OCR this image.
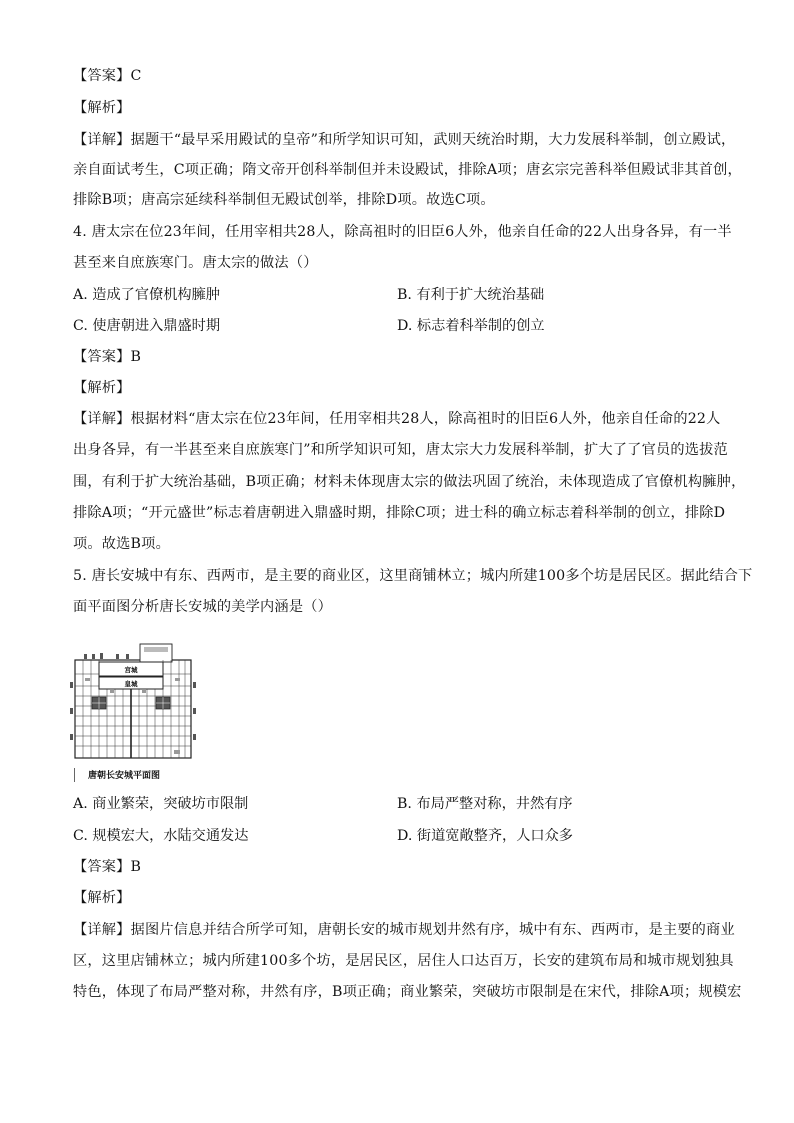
【答案】C
【解析】
【详解】据题干“最早采用殿试的皇帝”和所学知识可知，武则天统治时期，大力发展科举制，创立殿试，
亲自面试考生，C项正确；隋文帝开创科举制但并未设殿试，排除A项；唐玄宗完善科举但殿试非其首创，
排除B项；唐高宗延续科举制但无殿试创举，排除D项。故选C项。
4. 唐太宗在位23年间，任用宰相共28人，除高祖时的旧臣6人外，他亲自任命的22人出身各异，有一半
甚至来自庶族寒门。唐太宗的做法（）
A. 造成了官僚机构臃肿	B. 有利于扩大统治基础
C. 使唐朝进入鼎盛时期	D. 标志着科举制的创立
【答案】B
【解析】
【详解】根据材料“唐太宗在位23年间，任用宰相共28人，除高祖时的旧臣6人外，他亲自任命的22人
出身各异，有一半甚至来自庶族寒门”和所学知识可知，唐太宗大力发展科举制，扩大了了官员的选拔范
围，有利于扩大统治基础，B项正确；材料未体现唐太宗的做法巩固了统治，未体现造成了官僚机构臃肿，
排除A项；“开元盛世”标志着唐朝进入鼎盛时期，排除C项；进士科的确立标志着科举制的创立，排除D
项。故选B项。
5. 唐长安城中有东、西两市，是主要的商业区，这里商铺林立；城内所建100多个坊是居民区。据此结合下
面平面图分析唐长安城的美学内涵是（）
宫城
皇城
唐朝长安城平面图
A. 商业繁荣，突破坊市限制	B. 布局严整对称，井然有序
C. 规模宏大，水陆交通发达	D. 街道宽敞整齐，人口众多
【答案】B
【解析】
【详解】据图片信息并结合所学可知，唐朝长安的城市规划井然有序，城中有东、西两市，是主要的商业
区，这里店铺林立；城内所建100多个坊，是居民区，居住人口达百万，长安的建筑布局和城市规划独具
特色，体现了布局严整对称，井然有序，B项正确；商业繁荣，突破坊市限制是在宋代，排除A项；规模宏
